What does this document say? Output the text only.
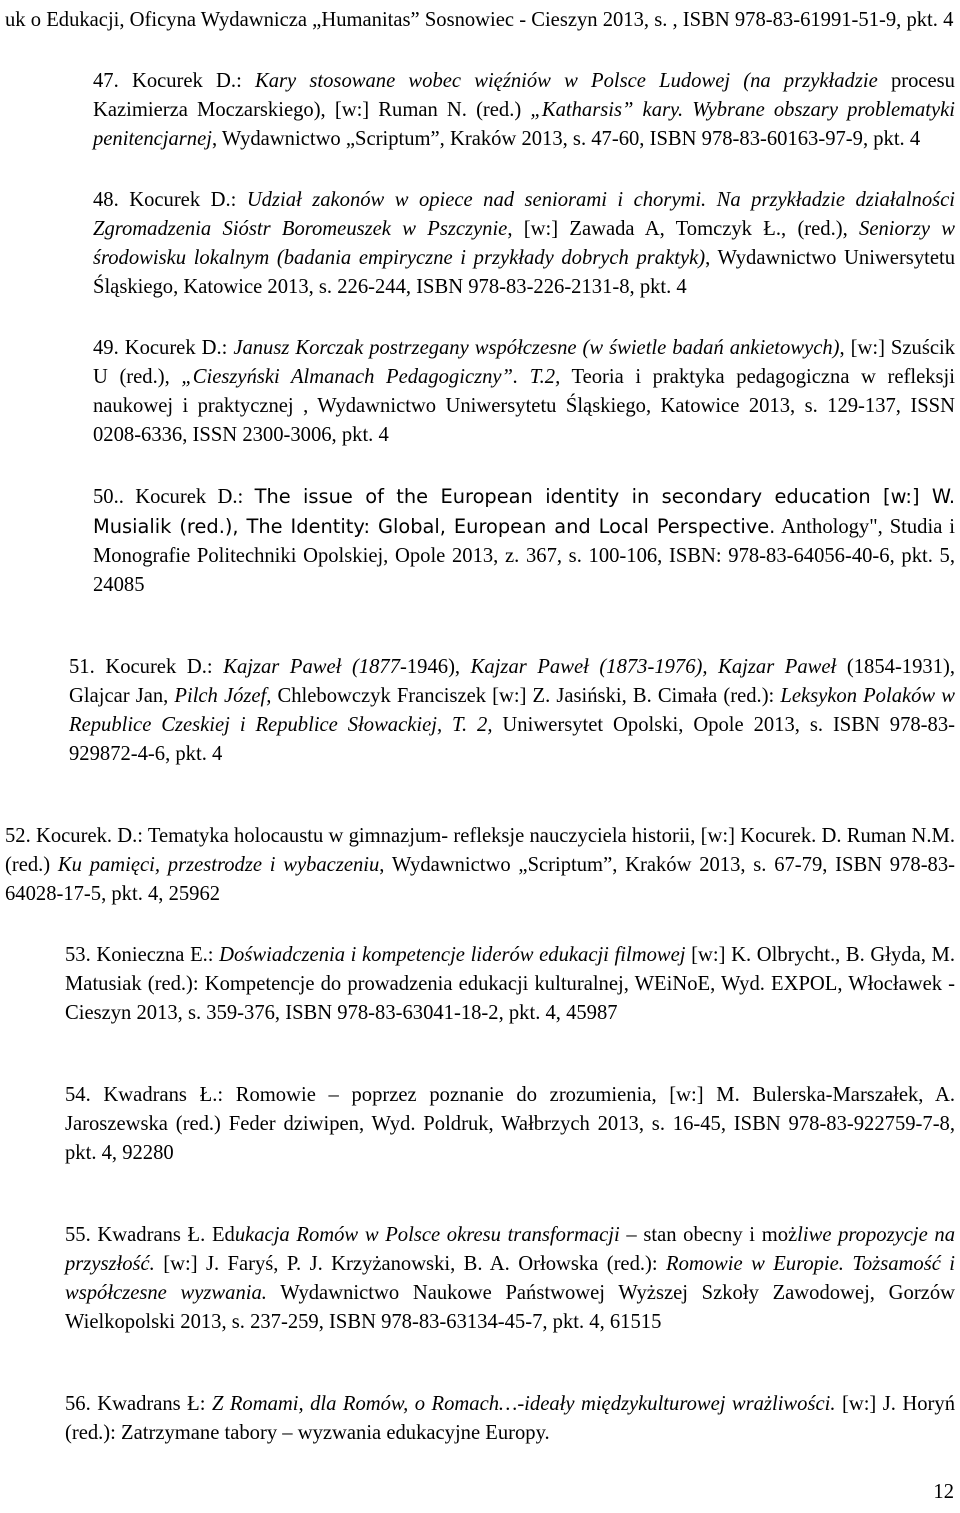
uk o Edukacji, Oficyna Wydawnicza „Humanitas” Sosnowiec - Cieszyn 2013, s. , ISBN 978-83-61991-51-9, pkt. 4

47. Kocurek D.: Kary stosowane wobec więźniów w Polsce Ludowej (na przykładzie procesu Kazimierza Moczarskiego), [w:] Ruman N. (red.) „Katharsis” kary. Wybrane obszary problematyki penitencjarnej, Wydawnictwo „Scriptum”, Kraków 2013, s. 47-60, ISBN 978-83-60163-97-9, pkt. 4

48. Kocurek D.: Udział zakonów w opiece nad seniorami i chorymi. Na przykładzie działalności Zgromadzenia Sióstr Boromeuszek w Pszczynie, [w:] Zawada A, Tomczyk Ł., (red.), Seniorzy w środowisku lokalnym (badania empiryczne i przykłady dobrych praktyk), Wydawnictwo Uniwersytetu Śląskiego, Katowice 2013, s. 226-244, ISBN 978-83-226-2131-8, pkt. 4

49. Kocurek D.: Janusz Korczak postrzegany współczesne (w świetle badań ankietowych), [w:] Szuścik U (red.), „Cieszyński Almanach Pedagogiczny”. T.2, Teoria i praktyka pedagogiczna w refleksji naukowej i praktycznej , Wydawnictwo Uniwersytetu Śląskiego, Katowice 2013, s. 129-137, ISSN 0208-6336, ISSN 2300-3006, pkt. 4

50.. Kocurek D.: The issue of the European identity in secondary education [w:] W. Musialik (red.), The Identity: Global, European and Local Perspective. Anthology", Studia i Monografie Politechniki Opolskiej, Opole 2013, z. 367, s. 100-106, ISBN: 978-83-64056-40-6, pkt. 5, 24085

51. Kocurek D.: Kajzar Paweł (1877-1946), Kajzar Paweł (1873-1976), Kajzar Paweł (1854-1931), Glajcar Jan, Pilch Józef, Chlebowczyk Franciszek [w:] Z. Jasiński, B. Cimała (red.): Leksykon Polaków w Republice Czeskiej i Republice Słowackiej, T. 2, Uniwersytet Opolski, Opole 2013, s. ISBN 978-83-929872-4-6, pkt. 4

52. Kocurek. D.: Tematyka holocaustu w gimnazjum- refleksje nauczyciela historii, [w:] Kocurek. D. Ruman N.M. (red.) Ku pamięci, przestrodze i wybaczeniu, Wydawnictwo „Scriptum”, Kraków 2013, s. 67-79, ISBN 978-83-64028-17-5, pkt. 4, 25962

53. Konieczna E.: Doświadczenia i kompetencje liderów edukacji filmowej [w:] K. Olbrycht., B. Głyda, M. Matusiak (red.): Kompetencje do prowadzenia edukacji kulturalnej, WEiNoE, Wyd. EXPOL, Włocławek - Cieszyn 2013, s. 359-376, ISBN 978-83-63041-18-2, pkt. 4, 45987

54. Kwadrans Ł.: Romowie – poprzez poznanie do zrozumienia, [w:] M. Bulerska-Marszałek, A. Jaroszewska (red.) Feder dziwipen, Wyd. Poldruk, Wałbrzych 2013, s. 16-45, ISBN 978-83-922759-7-8, pkt. 4, 92280

55. Kwadrans Ł. Edukacja Romów w Polsce okresu transformacji – stan obecny i możliwe propozycje na przyszłość. [w:] J. Faryś, P. J. Krzyżanowski, B. A. Orłowska (red.): Romowie w Europie. Tożsamość i współczesne wyzwania. Wydawnictwo Naukowe Państwowej Wyższej Szkoły Zawodowej, Gorzów Wielkopolski 2013, s. 237-259, ISBN 978-83-63134-45-7, pkt. 4, 61515

56. Kwadrans Ł: Z Romami, dla Romów, o Romach…-ideały międzykulturowej wrażliwości. [w:] J. Horyń (red.): Zatrzymane tabory – wyzwania edukacyjne Europy.

12
